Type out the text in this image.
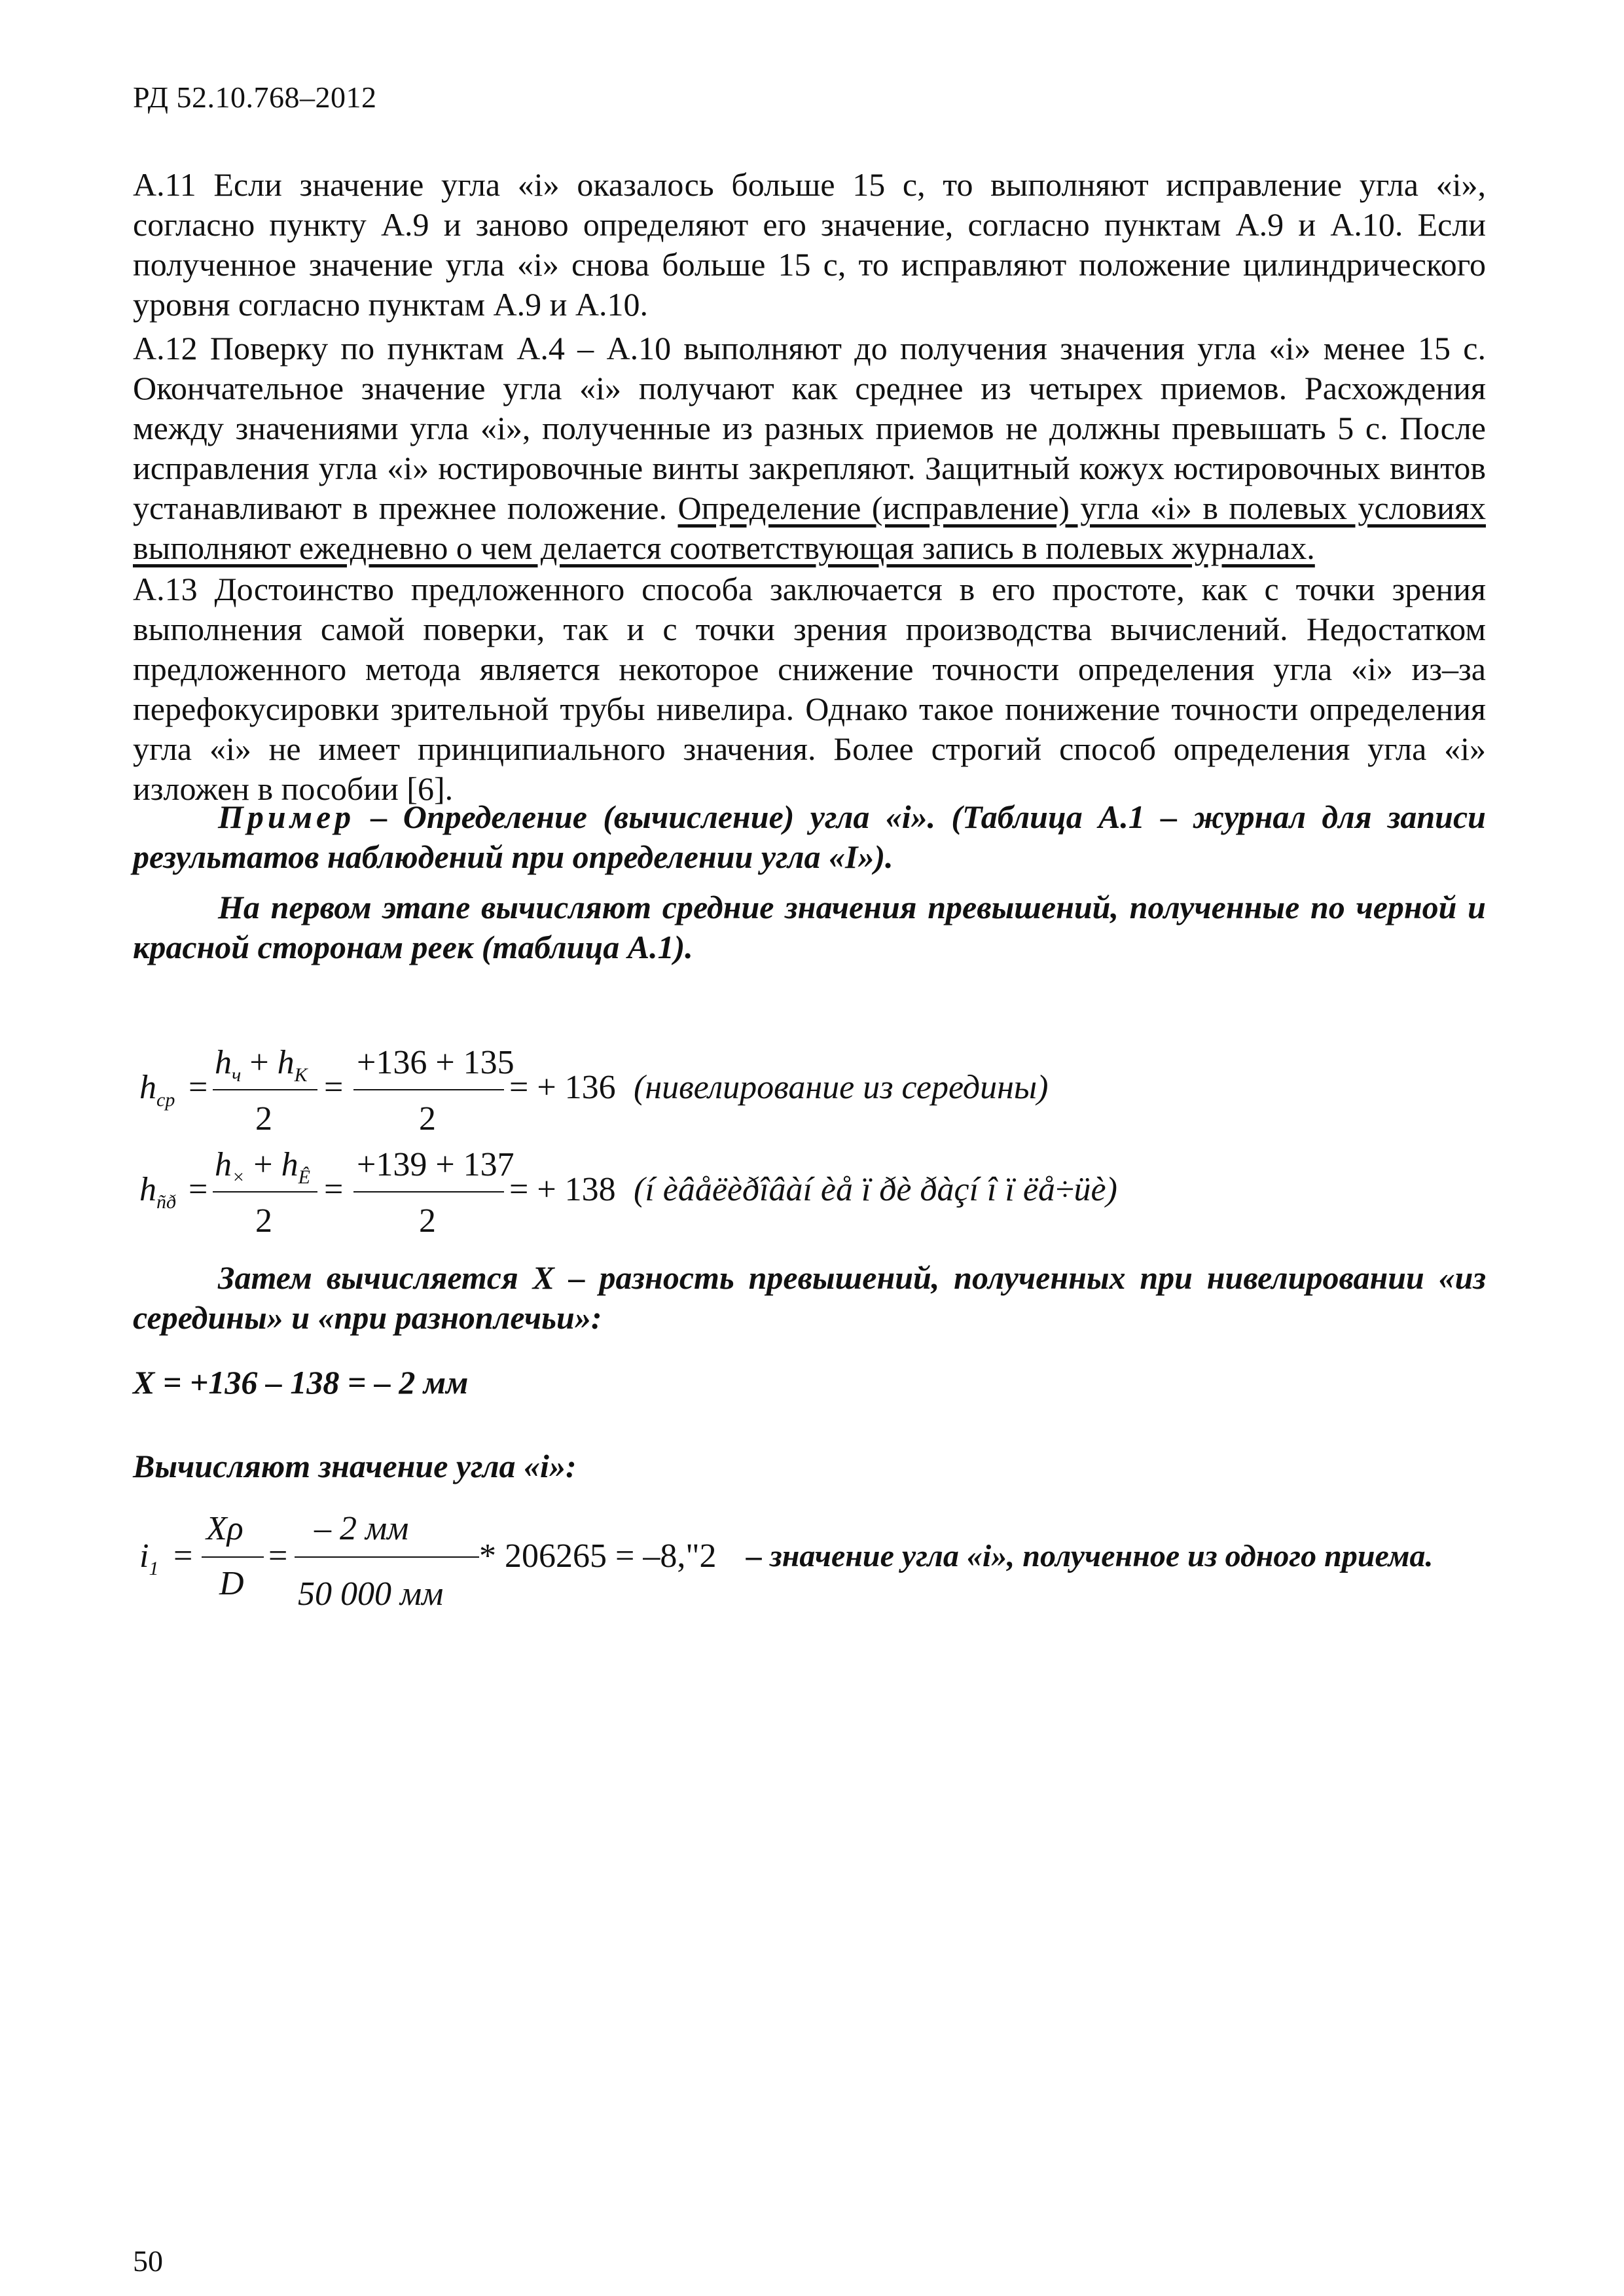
РД 52.10.768–2012

А.11 Если значение угла «i» оказалось больше 15 с, то выполняют исправление угла «i», согласно пункту А.9 и заново определяют его значение, согласно пунктам А.9 и А.10. Если полученное значение угла «i» снова больше 15 с, то исправляют положение цилиндрического уровня согласно пунктам А.9 и А.10.

А.12 Поверку по пунктам А.4 – А.10 выполняют до получения значения угла «i» менее 15 с. Окончательное значение угла «i» получают как среднее из четырех приемов. Расхождения между значениями угла «i», полученные из разных приемов не должны превышать 5 с. После исправления угла «i» юстировочные винты закрепляют. Защитный кожух юстировочных винтов устанавливают в прежнее положение. Определение (исправление) угла «i» в полевых условиях выполняют ежедневно о чем делается соответствующая запись в полевых журналах.

А.13 Достоинство предложенного способа заключается в его простоте, как с точки зрения выполнения самой поверки, так и с точки зрения производства вычислений. Недостатком предложенного метода является некоторое снижение точности определения угла «i» из–за перефокусировки зрительной трубы нивелира. Однако такое понижение точности определения угла «i» не имеет принципиального значения. Более строгий способ определения угла «i» изложен в пособии [6].

Пример – Определение (вычисление) угла «i». (Таблица А.1 – журнал для записи результатов наблюдений при определении угла «I»).
На первом этапе вычисляют средние значения превышений, полученные по черной и красной сторонам реек (таблица А.1).
$h_{ср}$ =
$h_ч + h_К$
2
=
+136 + 135
2
= + 136 (нивелирование из середины)
$h_{ñð}$ =
$h_\times + h_Ê$
2
=
+139 + 137
2
= + 138 (í èâåëèðîâàí èå ï ðè ðàçí î ï ëå÷üè)
Затем вычисляется Х – разность превышений, полученных при нивелировании «из середины» и «при разноплечьи»:
X = +136 – 138 = – 2 мм
Вычисляют значение угла «i»:
$i_1$ =
Xρ
D
=
– 2 мм
50 000 мм
* 206265 = –8,"2 – значение угла «i», полученное из одного приема.
50
